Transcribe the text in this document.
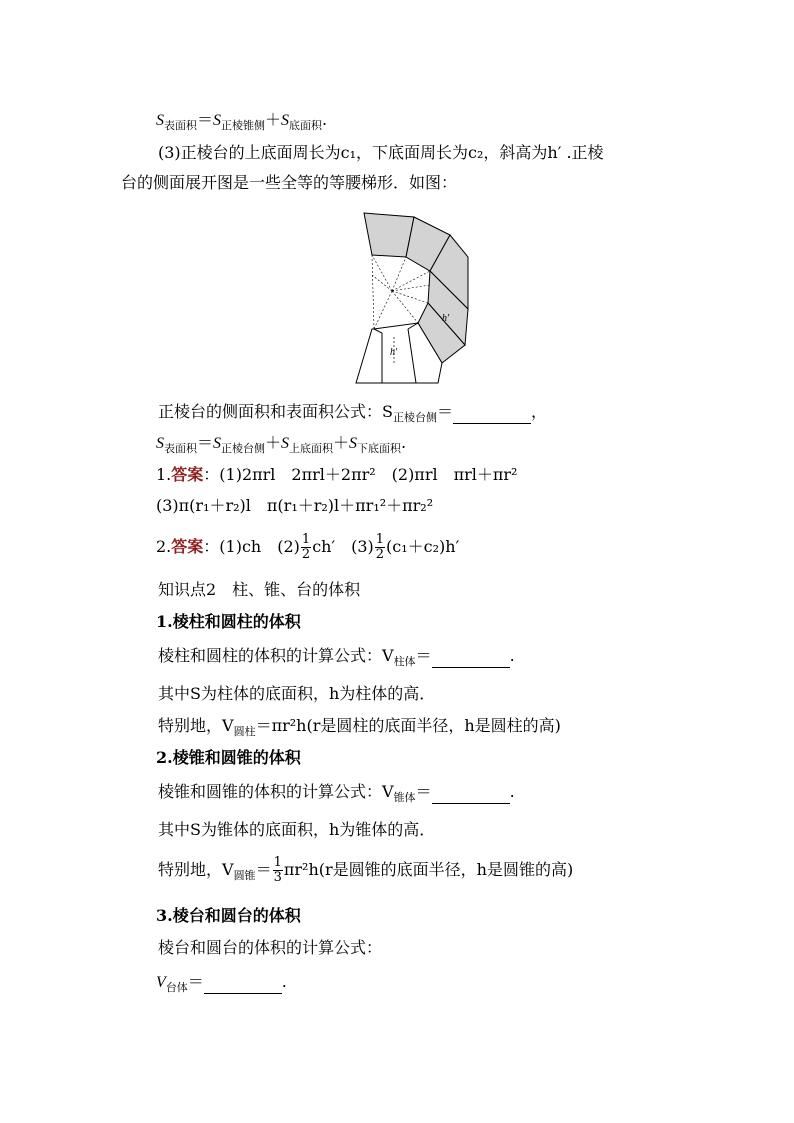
$S_{表面积}=S_{正棱锥侧}+S_{底面积}$.
(3)正棱台的上底面周长为c₁，下底面周长为c₂，斜高为h′ .正棱
台的侧面展开图是一些全等的等腰梯形．如图：
h′
h′
正棱台的侧面积和表面积公式：$S_{正棱台侧}=$	，
$S_{表面积}=S_{正棱台侧}+S_{上底面积}+S_{下底面积}$.
1.答案：(1)2πrl　2πrl＋2πr²　(2)πrl　πrl＋πr²
(3)π(r₁＋r₂)l　π(r₁＋r₂)l＋πr₁²＋πr₂²
2.答案：(1)ch　$(2) \frac{1}{2} ch'$　$(3) \frac{1}{2} (c_1+c_2)h'$
知识点2　柱、锥、台的体积
1.棱柱和圆柱的体积
棱柱和圆柱的体积的计算公式：$V_{柱体}=$	.
其中S为柱体的底面积，h为柱体的高．
特别地，$V_{圆柱}=\pi r^2h(r$是圆柱的底面半径，h是圆柱的高)
2.棱锥和圆锥的体积
棱锥和圆锥的体积的计算公式：$V_{锥体}=$	.
其中S为锥体的底面积，h为锥体的高．
特别地，$V_{圆锥}= \frac{1}{3} \pi r^2h(r$是圆锥的底面半径，h是圆锥的高)
3.棱台和圆台的体积
棱台和圆台的体积的计算公式：
$V_{台体}=$	.
